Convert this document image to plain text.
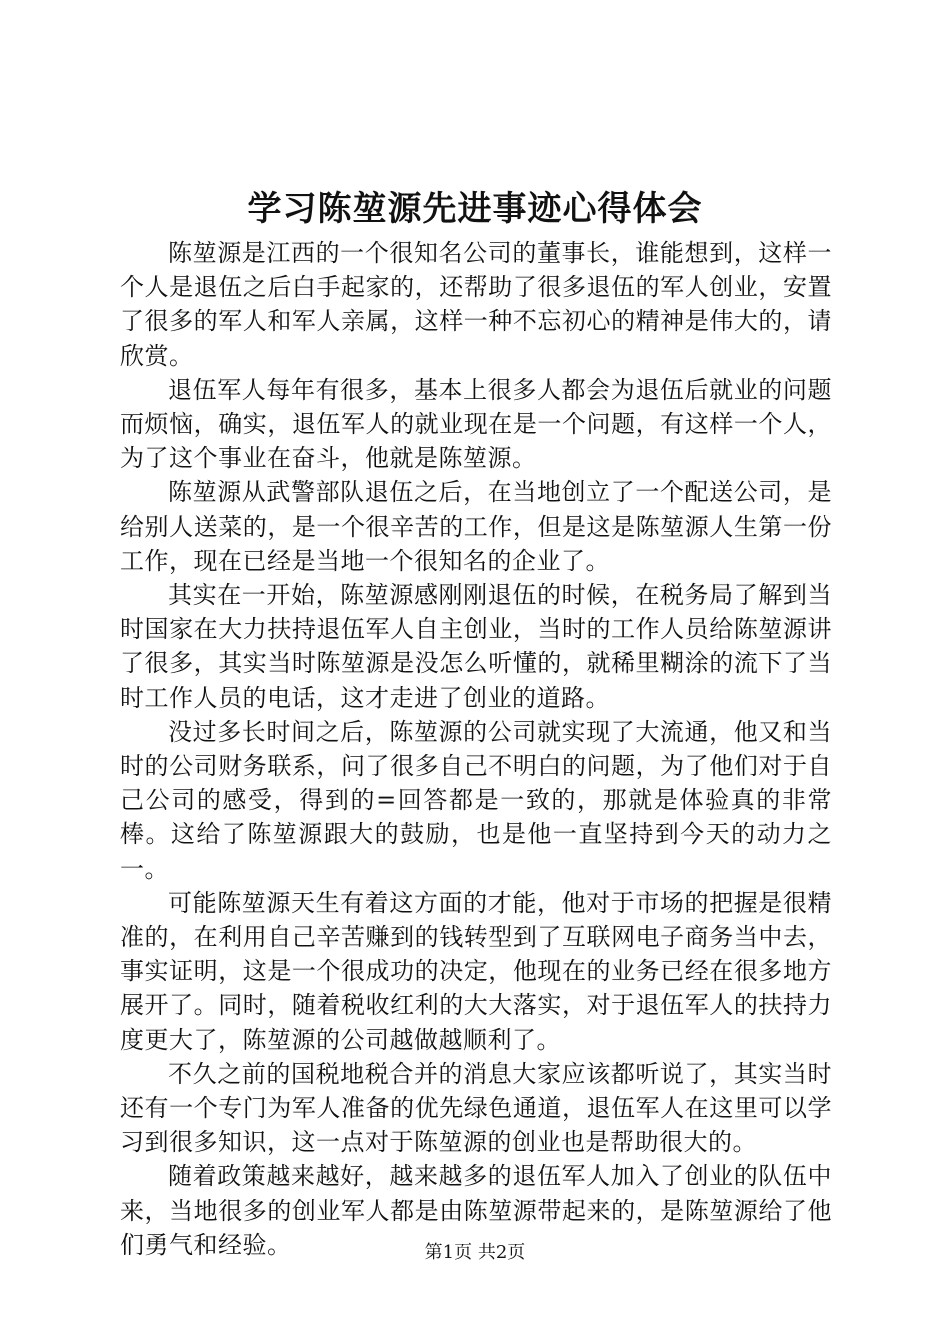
学习陈堃源先进事迹心得体会

陈堃源是江西的一个很知名公司的董事长，谁能想到，这样一个人是退伍之后白手起家的，还帮助了很多退伍的军人创业，安置了很多的军人和军人亲属，这样一种不忘初心的精神是伟大的，请欣赏。

退伍军人每年有很多，基本上很多人都会为退伍后就业的问题而烦恼，确实，退伍军人的就业现在是一个问题，有这样一个人，为了这个事业在奋斗，他就是陈堃源。

陈堃源从武警部队退伍之后，在当地创立了一个配送公司，是给别人送菜的，是一个很辛苦的工作，但是这是陈堃源人生第一份工作，现在已经是当地一个很知名的企业了。

其实在一开始，陈堃源感刚刚退伍的时候，在税务局了解到当时国家在大力扶持退伍军人自主创业，当时的工作人员给陈堃源讲了很多，其实当时陈堃源是没怎么听懂的，就稀里糊涂的流下了当时工作人员的电话，这才走进了创业的道路。

没过多长时间之后，陈堃源的公司就实现了大流通，他又和当时的公司财务联系，问了很多自己不明白的问题，为了他们对于自己公司的感受，得到的=回答都是一致的，那就是体验真的非常棒。这给了陈堃源跟大的鼓励，也是他一直坚持到今天的动力之一。

可能陈堃源天生有着这方面的才能，他对于市场的把握是很精准的，在利用自己辛苦赚到的钱转型到了互联网电子商务当中去，事实证明，这是一个很成功的决定，他现在的业务已经在很多地方展开了。同时，随着税收红利的大大落实，对于退伍军人的扶持力度更大了，陈堃源的公司越做越顺利了。

不久之前的国税地税合并的消息大家应该都听说了，其实当时还有一个专门为军人准备的优先绿色通道，退伍军人在这里可以学习到很多知识，这一点对于陈堃源的创业也是帮助很大的。

随着政策越来越好，越来越多的退伍军人加入了创业的队伍中来，当地很多的创业军人都是由陈堃源带起来的，是陈堃源给了他们勇气和经验。	第1页 共2页
